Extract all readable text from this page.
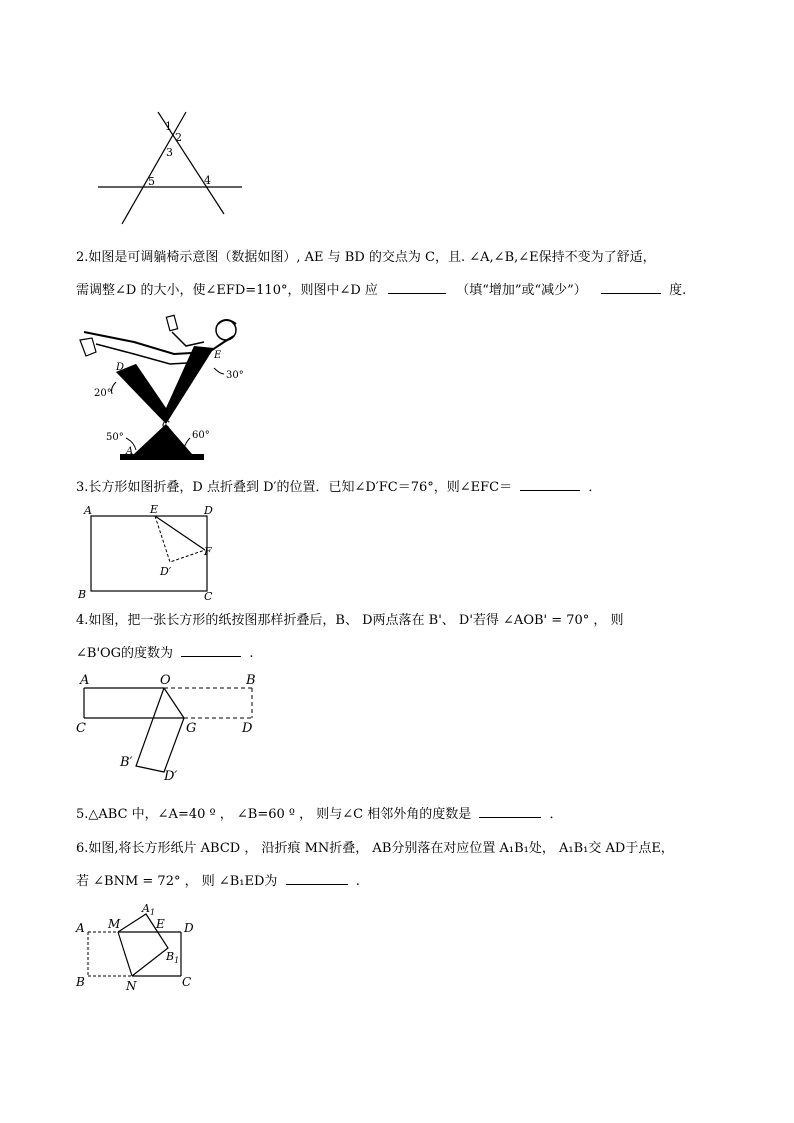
1
2
3
4
5
2.如图是可调躺椅示意图（数据如图）, AE 与 BD 的交点为 C，且. ∠A,∠B,∠E保持不变为了舒适，
需调整∠D 的大小，使∠EFD=110°，则图中∠D 应	（填“增加”或“减少”）	度.
D
E
C
A	B
20°
30°
50°	60°
3.长方形如图折叠，D 点折叠到 D′的位置．已知∠D′FC＝76°，则∠EFC＝	．
A	E	D
F
D′
B	C
4.如图，把一张长方形的纸按图那样折叠后，B、 D两点落在 B'、 D'若得 ∠AOB' = 70° ， 则
∠B'OG的度数为	.
A	O	B
C	G	D
B′
D′
5.△ABC 中，∠A=40 º ， ∠B=60 º ， 则与∠C 相邻外角的度数是	．
6.如图,将长方形纸片 ABCD ， 沿折痕 MN折叠， AB分别落在对应位置 A₁B₁处， A₁B₁交 AD于点E，
若 ∠BNM = 72° ， 则 ∠B₁ED为	.
A M
$A_1$
E D
$B_1$
B	N	C
